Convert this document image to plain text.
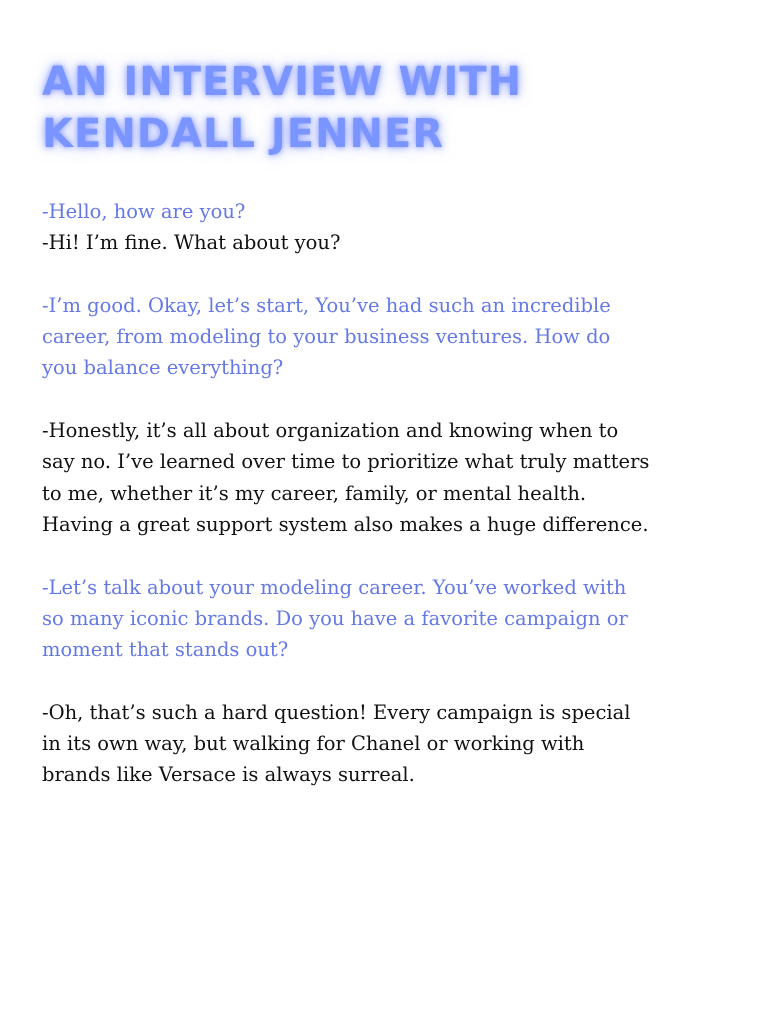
AN INTERVIEW WITH
KENDALL JENNER
-Hello, how are you?
-Hi! I’m fine. What about you?
-I’m good. Okay, let’s start, You’ve had such an incredible
career, from modeling to your business ventures. How do
you balance everything?
-Honestly, it’s all about organization and knowing when to
say no. I’ve learned over time to prioritize what truly matters
to me, whether it’s my career, family, or mental health.
Having a great support system also makes a huge difference.
-Let’s talk about your modeling career. You’ve worked with
so many iconic brands. Do you have a favorite campaign or
moment that stands out?
-Oh, that’s such a hard question! Every campaign is special
in its own way, but walking for Chanel or working with
brands like Versace is always surreal.
